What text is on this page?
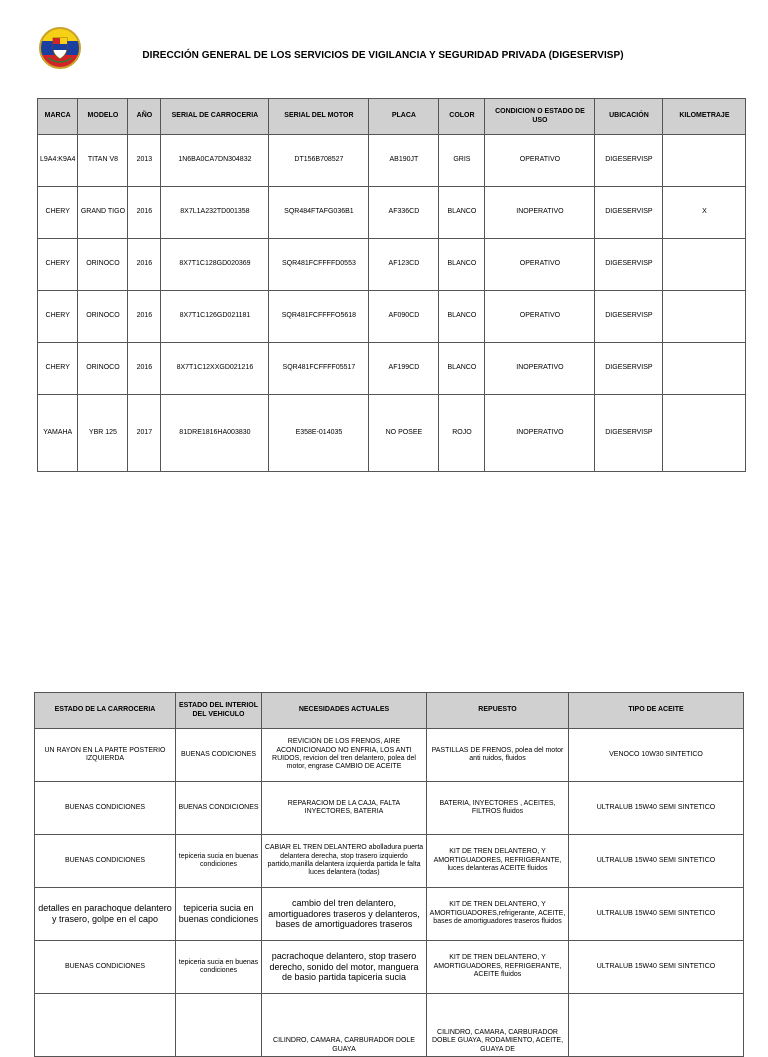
DIRECCIÓN GENERAL DE LOS SERVICIOS DE VIGILANCIA Y SEGURIDAD PRIVADA (DIGESERVISP)
MARCA	MODELO	AÑO	SERIAL DE CARROCERIA	SERIAL DEL MOTOR	PLACA	COLOR	CONDICION O ESTADO DE USO	UBICACIÓN	KILOMETRAJE
L9A4:K9A4	TITAN V8	2013	1N6BA0CA7DN304832	DT156B708527	AB190JT	GRIS	OPERATIVO	DIGESERVISP	
CHERY	GRAND TIGO	2016	8X7L1A232TD001358	SQR484FTAFG036B1	AF336CD	BLANCO	INOPERATIVO	DIGESERVISP	X
CHERY	ORINOCO	2016	8X7T1C128GD020369	SQR481FCFFFFD0553	AF123CD	BLANCO	OPERATIVO	DIGESERVISP	
CHERY	ORINOCO	2016	8X7T1C126GD021181	SQR481FCFFFFO5618	AF090CD	BLANCO	OPERATIVO	DIGESERVISP	
CHERY	ORINOCO	2016	8X7T1C12XXGD021216	SQR481FCFFFF05517	AF199CD	BLANCO	INOPERATIVO	DIGESERVISP	
YAMAHA	YBR 125	2017	81DRE1816HA003830	E358E-014035	NO POSEE	ROJO	INOPERATIVO	DIGESERVISP	
ESTADO DE LA CARROCERIA	ESTADO DEL INTERIOL DEL VEHICULO	NECESIDADES ACTUALES	REPUESTO	TIPO DE ACEITE
UN RAYON EN LA PARTE POSTERIO IZQUIERDA	BUENAS CODICIONES	REVICION DE LOS FRENOS, AIRE ACONDICIONADO NO ENFRIA, LOS ANTI RUIDOS, revicion del tren delantero, polea del motor, engrase CAMBIO DE ACEITE	PASTILLAS DE FRENOS, polea del motor anti ruidos, fluidos	VENOCO 10W30 SINTETICO
BUENAS CONDICIONES	BUENAS CONDICIONES	REPARACIOM DE LA CAJA, FALTA INYECTORES, BATERIA	BATERIA, INYECTORES , ACEITES, FILTROS fluidos	ULTRALUB 15W40 SEMI SINTETICO
BUENAS CONDICIONES	tepiceria sucia en buenas condiciones	CABIAR EL TREN DELANTERO abolladura puerta delantera derecha, stop trasero izquierdo partido,manilla delantera izquierda partida le falta luces delantera (todas)	KIT DE TREN DELANTERO, Y AMORTIGUADORES, REFRIGERANTE, luces delanteras ACEITE fluidos	ULTRALUB 15W40 SEMI SINTETICO
detalles en parachoque delantero y trasero, golpe en el capo	tepiceria sucia en buenas condiciones	cambio del tren delantero, amortiguadores traseros y delanteros, bases de amortiguadores traseros	KIT DE TREN DELANTERO, Y AMORTIGUADORES,refrigerante, ACEITE, bases de amortiguadores traseros fluidos	ULTRALUB 15W40 SEMI SINTETICO
BUENAS CONDICIONES	tepiceria sucia en buenas condiciones	pacrachoque delantero, stop trasero derecho, sonido del motor, manguera de basio partida tapiceria sucia	KIT DE TREN DELANTERO, Y AMORTIGUADORES, REFRIGERANTE, ACEITE fluidos	ULTRALUB 15W40 SEMI SINTETICO
		CILINDRO, CAMARA, CARBURADOR DOLE GUAYA	CILINDRO, CAMARA, CARBURADOR DOBLE GUAYA, RODAMIENTO, ACEITE, GUAYA DE	
